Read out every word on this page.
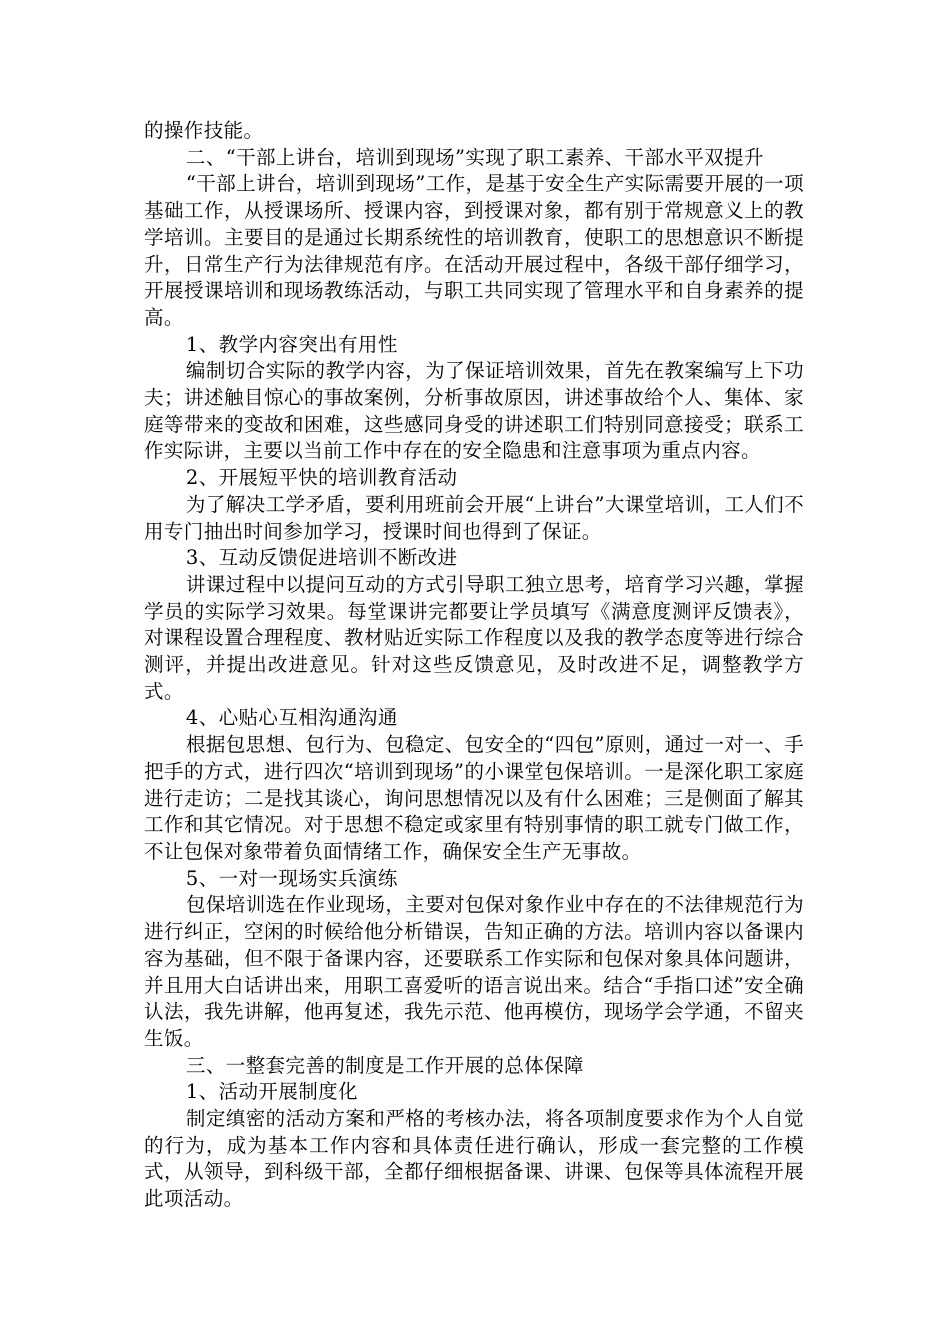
的操作技能。

二、“干部上讲台，培训到现场”实现了职工素养、干部水平双提升

“干部上讲台，培训到现场”工作，是基于安全生产实际需要开展的一项基础工作，从授课场所、授课内容，到授课对象，都有别于常规意义上的教学培训。主要目的是通过长期系统性的培训教育，使职工的思想意识不断提升，日常生产行为法律规范有序。在活动开展过程中，各级干部仔细学习，开展授课培训和现场教练活动，与职工共同实现了管理水平和自身素养的提高。

1、教学内容突出有用性

编制切合实际的教学内容，为了保证培训效果，首先在教案编写上下功夫；讲述触目惊心的事故案例，分析事故原因，讲述事故给个人、集体、家庭等带来的变故和困难，这些感同身受的讲述职工们特别同意接受；联系工作实际讲，主要以当前工作中存在的安全隐患和注意事项为重点内容。

2、开展短平快的培训教育活动

为了解决工学矛盾，要利用班前会开展“上讲台”大课堂培训，工人们不用专门抽出时间参加学习，授课时间也得到了保证。

3、互动反馈促进培训不断改进

讲课过程中以提问互动的方式引导职工独立思考，培育学习兴趣，掌握学员的实际学习效果。每堂课讲完都要让学员填写《满意度测评反馈表》，对课程设置合理程度、教材贴近实际工作程度以及我的教学态度等进行综合测评，并提出改进意见。针对这些反馈意见，及时改进不足，调整教学方式。

4、心贴心互相沟通沟通

根据包思想、包行为、包稳定、包安全的“四包”原则，通过一对一、手把手的方式，进行四次“培训到现场”的小课堂包保培训。一是深化职工家庭进行走访；二是找其谈心，询问思想情况以及有什么困难；三是侧面了解其工作和其它情况。对于思想不稳定或家里有特别事情的职工就专门做工作，不让包保对象带着负面情绪工作，确保安全生产无事故。

5、一对一现场实兵演练

包保培训选在作业现场，主要对包保对象作业中存在的不法律规范行为进行纠正，空闲的时候给他分析错误，告知正确的方法。培训内容以备课内容为基础，但不限于备课内容，还要联系工作实际和包保对象具体问题讲，并且用大白话讲出来，用职工喜爱听的语言说出来。结合“手指口述”安全确认法，我先讲解，他再复述，我先示范、他再模仿，现场学会学通，不留夹生饭。

三、一整套完善的制度是工作开展的总体保障

1、活动开展制度化

制定缜密的活动方案和严格的考核办法，将各项制度要求作为个人自觉的行为，成为基本工作内容和具体责任进行确认，形成一套完整的工作模式，从领导，到科级干部，全都仔细根据备课、讲课、包保等具体流程开展此项活动。
